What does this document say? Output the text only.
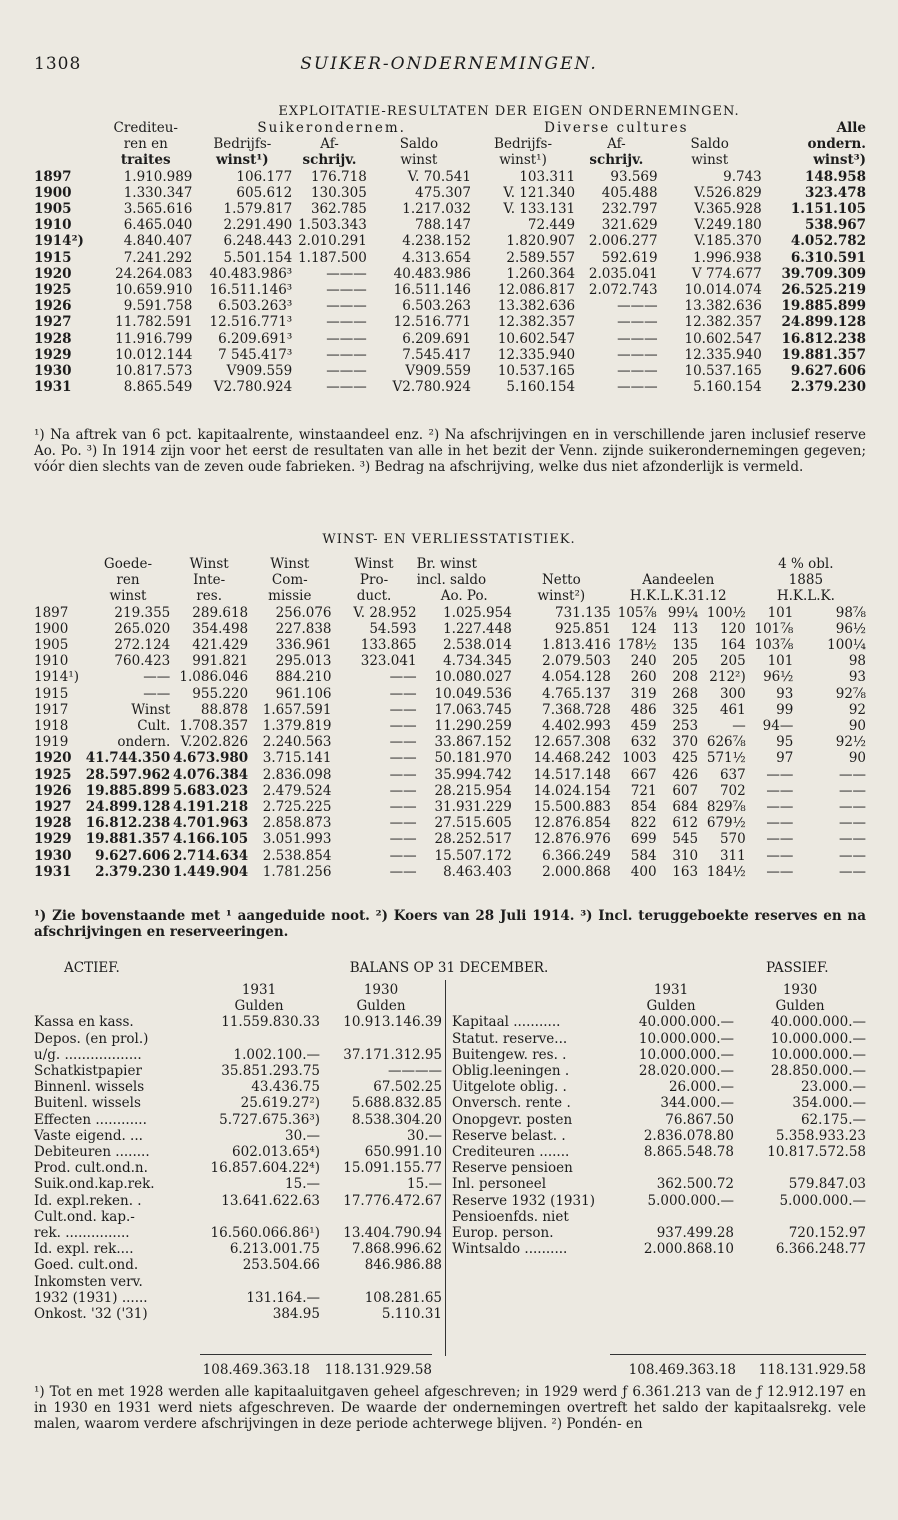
1308	SUIKER-ONDERNEMINGEN.
EXPLOITATIE-RESULTATEN DER EIGEN ONDERNEMINGEN.
	Crediteu-	Suikerondernem.			Diverse cultures			Alle
	ren en	Bedrijfs-	Af-	Saldo	Bedrijfs-	Af-	Saldo	ondern.
	traites	winst¹)	schrijv.	winst	winst¹)	schrijv.	winst	winst³)
1897	1.910.989	106.177	176.718	V. 70.541	103.311	93.569	9.743	148.958
1900	1.330.347	605.612	130.305	475.307	V. 121.340	405.488	V.526.829	323.478
1905	3.565.616	1.579.817	362.785	1.217.032	V. 133.131	232.797	V.365.928	1.151.105
1910	6.465.040	2.291.490	1.503.343	788.147	72.449	321.629	V.249.180	538.967
1914²)	4.840.407	6.248.443	2.010.291	4.238.152	1.820.907	2.006.277	V.185.370	4.052.782
1915	7.241.292	5.501.154	1.187.500	4.313.654	2.589.557	592.619	1.996.938	6.310.591
1920	24.264.083	40.483.986³	———	40.483.986	1.260.364	2.035.041	V 774.677	39.709.309
1925	10.659.910	16.511.146³	———	16.511.146	12.086.817	2.072.743	10.014.074	26.525.219
1926	9.591.758	6.503.263³	———	6.503.263	13.382.636	———	13.382.636	19.885.899
1927	11.782.591	12.516.771³	———	12.516.771	12.382.357	———	12.382.357	24.899.128
1928	11.916.799	6.209.691³	———	6.209.691	10.602.547	———	10.602.547	16.812.238
1929	10.012.144	7 545.417³	———	7.545.417	12.335.940	———	12.335.940	19.881.357
1930	10.817.573	V909.559	———	V909.559	10.537.165	———	10.537.165	9.627.606
1931	8.865.549	V2.780.924	———	V2.780.924	5.160.154	———	5.160.154	2.379.230
¹) Na aftrek van 6 pct. kapitaalrente, winstaandeel enz. ²) Na afschrijvingen en in verschillende jaren inclusief reserve Ao. Po. ³) In 1914 zijn voor het eerst de resultaten van alle in het bezit der Venn. zijnde suikerondernemingen gegeven; vóór dien slechts van de zeven oude fabrieken. ³) Bedrag na afschrijving, welke dus niet afzonderlijk is vermeld.
WINST- EN VERLIESSTATISTIEK.
	Goede-	Winst	Winst	Winst	Br. winst					4 % obl.	
	ren	Inte-	Com-	Pro-	incl. saldo	Netto	Aandeelen			1885	
	winst	res.	missie	duct.	Ao. Po.	winst²)	H.K.L.K.31.12			H.K.L.K.	
1897	219.355	289.618	256.076	V. 28.952	1.025.954	731.135	105⅞	99¼	100½	101	98⅞
1900	265.020	354.498	227.838	54.593	1.227.448	925.851	124	113	120	101⅞	96½
1905	272.124	421.429	336.961	133.865	2.538.014	1.813.416	178½	135	164	103⅞	100¼
1910	760.423	991.821	295.013	323.041	4.734.345	2.079.503	240	205	205	101	98
1914¹)	——	1.086.046	884.210	——	10.080.027	4.054.128	260	208	212²)	96½	93
1915	——	955.220	961.106	——	10.049.536	4.765.137	319	268	300	93	92⅞
1917	Winst	88.878	1.657.591	——	17.063.745	7.368.728	486	325	461	99	92
1918	Cult.	1.708.357	1.379.819	——	11.290.259	4.402.993	459	253	—	94—	90
1919	ondern.	V.202.826	2.240.563	——	33.867.152	12.657.308	632	370	626⅞	95	92½
1920	41.744.350	4.673.980	3.715.141	——	50.181.970	14.468.242	1003	425	571½	97	90
1925	28.597.962	4.076.384	2.836.098	——	35.994.742	14.517.148	667	426	637	——	——
1926	19.885.899	5.683.023	2.479.524	——	28.215.954	14.024.154	721	607	702	——	——
1927	24.899.128	4.191.218	2.725.225	——	31.931.229	15.500.883	854	684	829⅞	——	——
1928	16.812.238	4.701.963	2.858.873	——	27.515.605	12.876.854	822	612	679½	——	——
1929	19.881.357	4.166.105	3.051.993	——	28.252.517	12.876.976	699	545	570	——	——
1930	9.627.606	2.714.634	2.538.854	——	15.507.172	6.366.249	584	310	311	——	——
1931	2.379.230	1.449.904	1.781.256	——	8.463.403	2.000.868	400	163	184½	——	——
¹) Zie bovenstaande met ¹ aangeduide noot. ²) Koers van 28 Juli 1914. ³) Incl. teruggeboekte reserves en na afschrijvingen en reserveeringen.
ACTIEF.	BALANS OP 31 DECEMBER.	PASSIEF.
	1931	1930
	Gulden	Gulden
Kassa en kass.	11.559.830.33	10.913.146.39
Depos. (en prol.)		
u/g. ..................	1.002.100.—	37.171.312.95
Schatkistpapier	35.851.293.75	————
Binnenl. wissels	43.436.75	67.502.25
Buitenl. wissels	25.619.27²)	5.688.832.85
Effecten ............	5.727.675.36³)	8.538.304.20
Vaste eigend. ...	30.—	30.—
Debiteuren ........	602.013.65⁴)	650.991.10
Prod. cult.ond.n.	16.857.604.22⁴)	15.091.155.77
Suik.ond.kap.rek.	15.—	15.—
Id. expl.reken. .	13.641.622.63	17.776.472.67
Cult.ond. kap.-		
rek. ...............	16.560.066.86¹)	13.404.790.94
Id. expl. rek....	6.213.001.75	7.868.996.62
Goed. cult.ond.	253.504.66	846.986.88
Inkomsten verv.		
1932 (1931) ......	131.164.—	108.281.65
Onkost. '32 ('31)	384.95	5.110.31
	1931	1930
	Gulden	Gulden
Kapitaal ...........	40.000.000.—	40.000.000.—
Statut. reserve...	10.000.000.—	10.000.000.—
Buitengew. res. .	10.000.000.—	10.000.000.—
Oblig.leeningen .	28.020.000.—	28.850.000.—
Uitgelote oblig. .	26.000.—	23.000.—
Onversch. rente .	344.000.—	354.000.—
Onopgevr. posten	76.867.50	62.175.—
Reserve belast. .	2.836.078.80	5.358.933.23
Crediteuren .......	8.865.548.78	10.817.572.58
Reserve pensioen		
Inl. personeel	362.500.72	579.847.03
Reserve 1932 (1931)	5.000.000.—	5.000.000.—
Pensioenfds. niet		
Europ. person.	937.499.28	720.152.97
Wintsaldo ..........	2.000.868.10	6.366.248.77
108.469.363.18	118.131.929.58	108.469.363.18	118.131.929.58
¹) Tot en met 1928 werden alle kapitaaluitgaven geheel afgeschreven; in 1929 werd ƒ 6.361.213 van de ƒ 12.912.197 en in 1930 en 1931 werd niets afgeschreven. De waarde der ondernemingen overtreft het saldo der kapitaalsrekg. vele malen, waarom verdere afschrijvingen in deze periode achterwege blijven. ²) Pondén- en
